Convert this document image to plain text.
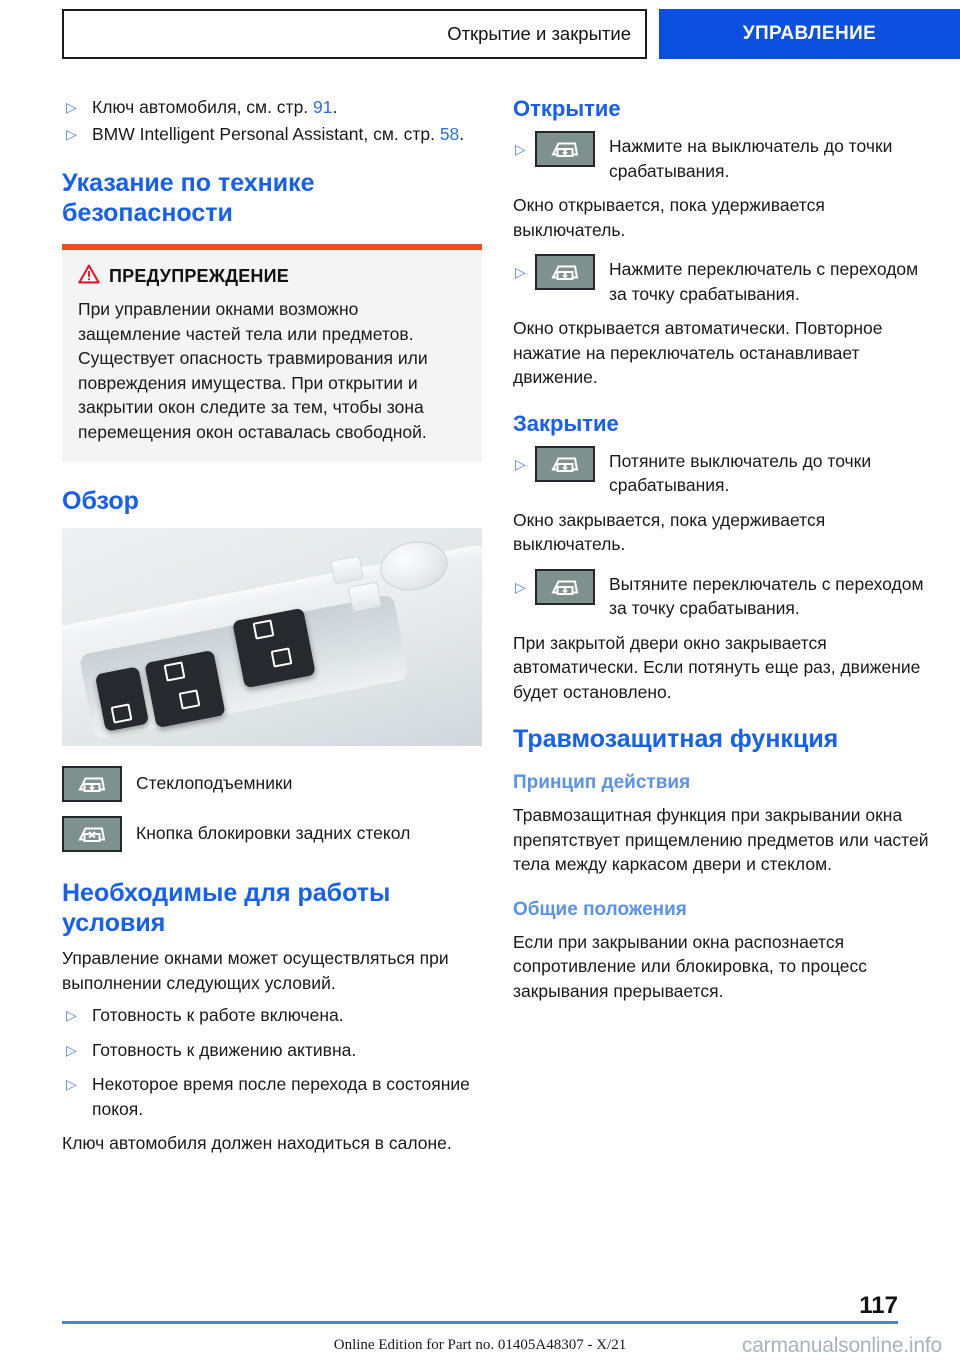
Открытие и закрытие	УПРАВЛЕНИЕ
▷ Ключ автомобиля, см. стр. 91.
▷ BMW Intelligent Personal Assistant, см. стр. 58.
Указание по технике безопасности
ПРЕДУПРЕЖДЕНИЕ
При управлении окнами возможно защемление частей тела или предметов. Существует опасность травмирования или повреждения имущества. При открытии и закрытии окон следите за тем, чтобы зона перемещения окон оставалась свободной.
Обзор
Стеклоподъемники
Кнопка блокировки задних стекол
Необходимые для работы условия

Управление окнами может осуществляться при выполнении следующих условий.

▷ Готовность к работе включена.
▷ Готовность к движению активна.
▷ Некоторое время после перехода в состояние покоя.

Ключ автомобиля должен находиться в салоне.

Открытие
▷	Нажмите на выключатель до точки срабатывания.

Окно открывается, пока удерживается выключатель.

▷	Нажмите переключатель с переходом за точку срабатывания.

Окно открывается автоматически. Повторное нажатие на переключатель останавливает движение.

Закрытие
▷	Потяните выключатель до точки срабатывания.

Окно закрывается, пока удерживается выключатель.

▷	Вытяните переключатель с переходом за точку срабатывания.

При закрытой двери окно закрывается автоматически. Если потянуть еще раз, движение будет остановлено.

Травмозащитная функция
Принцип действия

Травмозащитная функция при закрывании окна препятствует прищемлению предметов или частей тела между каркасом двери и стеклом.

Общие положения

Если при закрывании окна распознается сопротивление или блокировка, то процесс закрывания прерывается.

117
Online Edition for Part no. 01405A48307 - X/21	carmanualsonline.info
